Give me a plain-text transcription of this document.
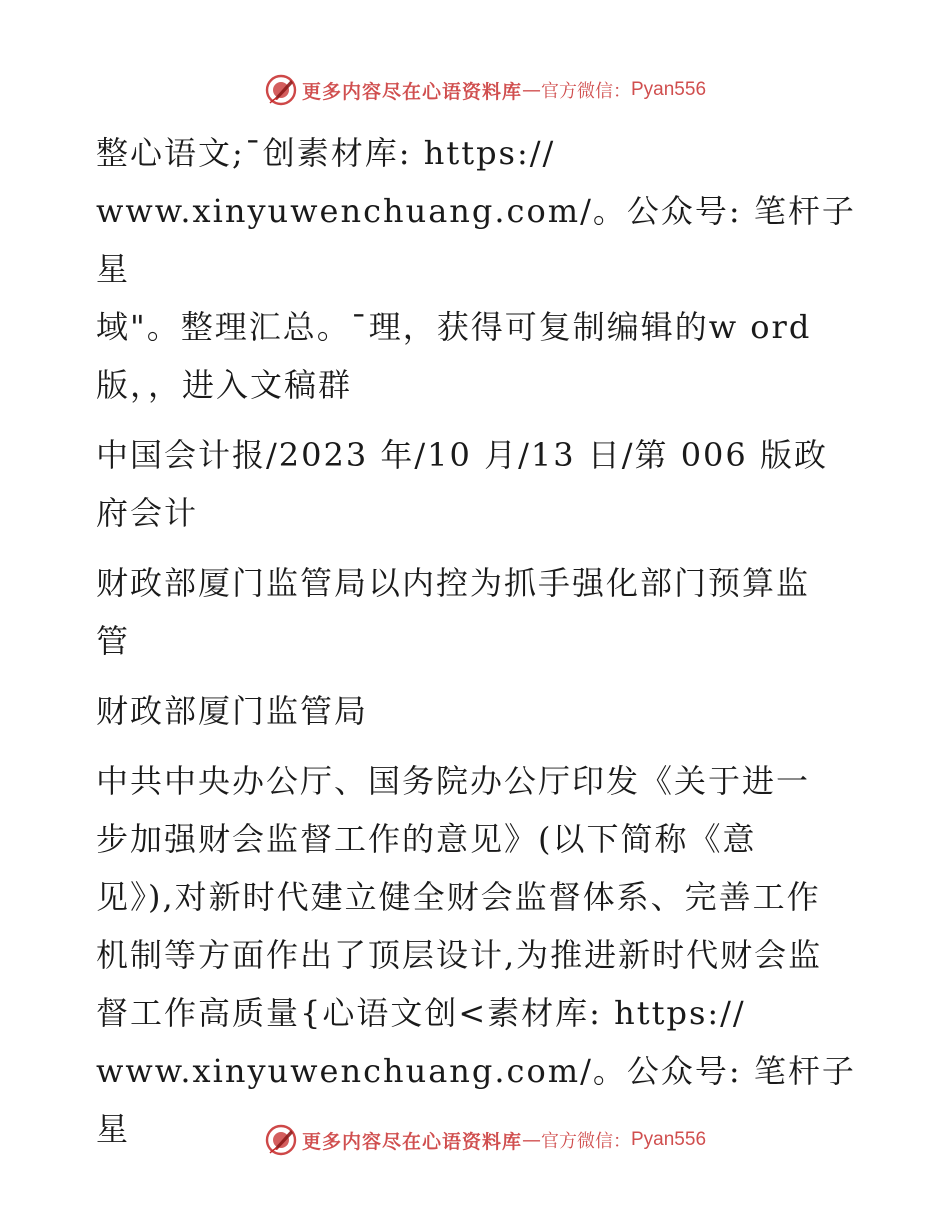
更多内容尽在心语资料库 — 官方微信： Pyan556

整心语文;¯创素材库: https://
www.xinyuwenchuang.com/。公众号: 笔杆子星
域"。整理汇总。¯理，获得可复制编辑的w ord
版，，进入文稿群

中国会计报/2023 年/10 月/13 日/第 006 版政
府会计

财政部厦门监管局以内控为抓手强化部门预算监
管

财政部厦门监管局

中共中央办公厅、国务院办公厅印发《关于进一
步加强财会监督工作的意见》(以下简称《意
见》),对新时代建立健全财会监督体系、完善工作
机制等方面作出了顶层设计,为推进新时代财会监
督工作高质量{心语文创<素材库: https://
www.xinyuwenchuang.com/。公众号: 笔杆子星	更多内容尽在心语资料库 — 官方微信： Pyan556
